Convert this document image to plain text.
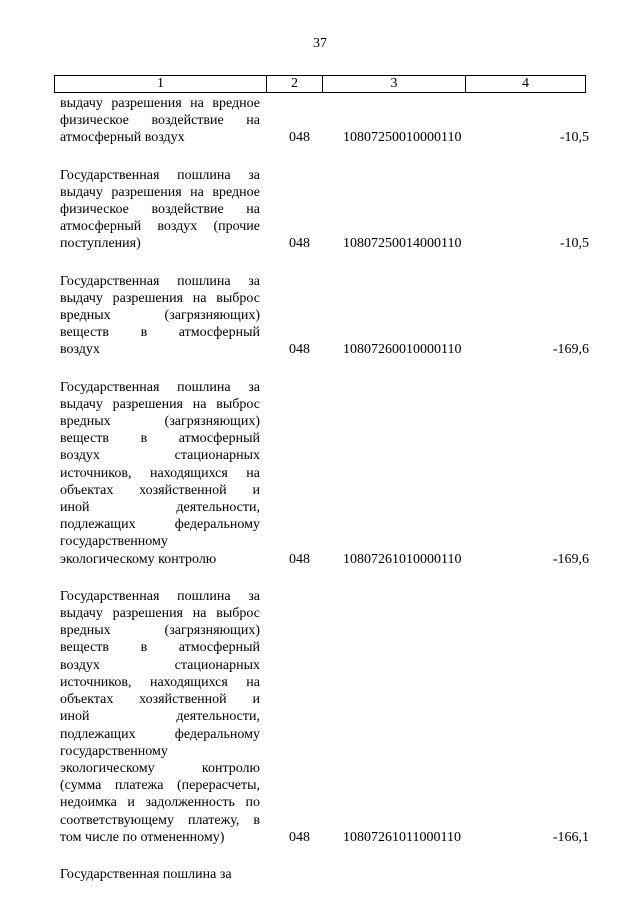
37
1	2	3	4
выдачу разрешения на вредное
физическое воздействие на
атмосферный воздух	048 10807250010000110	-10,5
Государственная пошлина за
выдачу разрешения на вредное
физическое воздействие на
атмосферный воздух (прочие
поступления)	048 10807250014000110	-10,5
Государственная пошлина за
выдачу разрешения на выброс
вредных (загрязняющих)
веществ в атмосферный
воздух	048 10807260010000110	-169,6
Государственная пошлина за
выдачу разрешения на выброс
вредных (загрязняющих)
веществ в атмосферный
воздух стационарных
источников, находящихся на
объектах хозяйственной и
иной деятельности,
подлежащих федеральному
государственному
экологическому контролю	048 10807261010000110	-169,6
Государственная пошлина за
выдачу разрешения на выброс
вредных (загрязняющих)
веществ в атмосферный
воздух стационарных
источников, находящихся на
объектах хозяйственной и
иной деятельности,
подлежащих федеральному
государственному
экологическому контролю
(сумма платежа (перерасчеты,
недоимка и задолженность по
соответствующему платежу, в
том числе по отмененному)	048 10807261011000110	-166,1
Государственная пошлина за
